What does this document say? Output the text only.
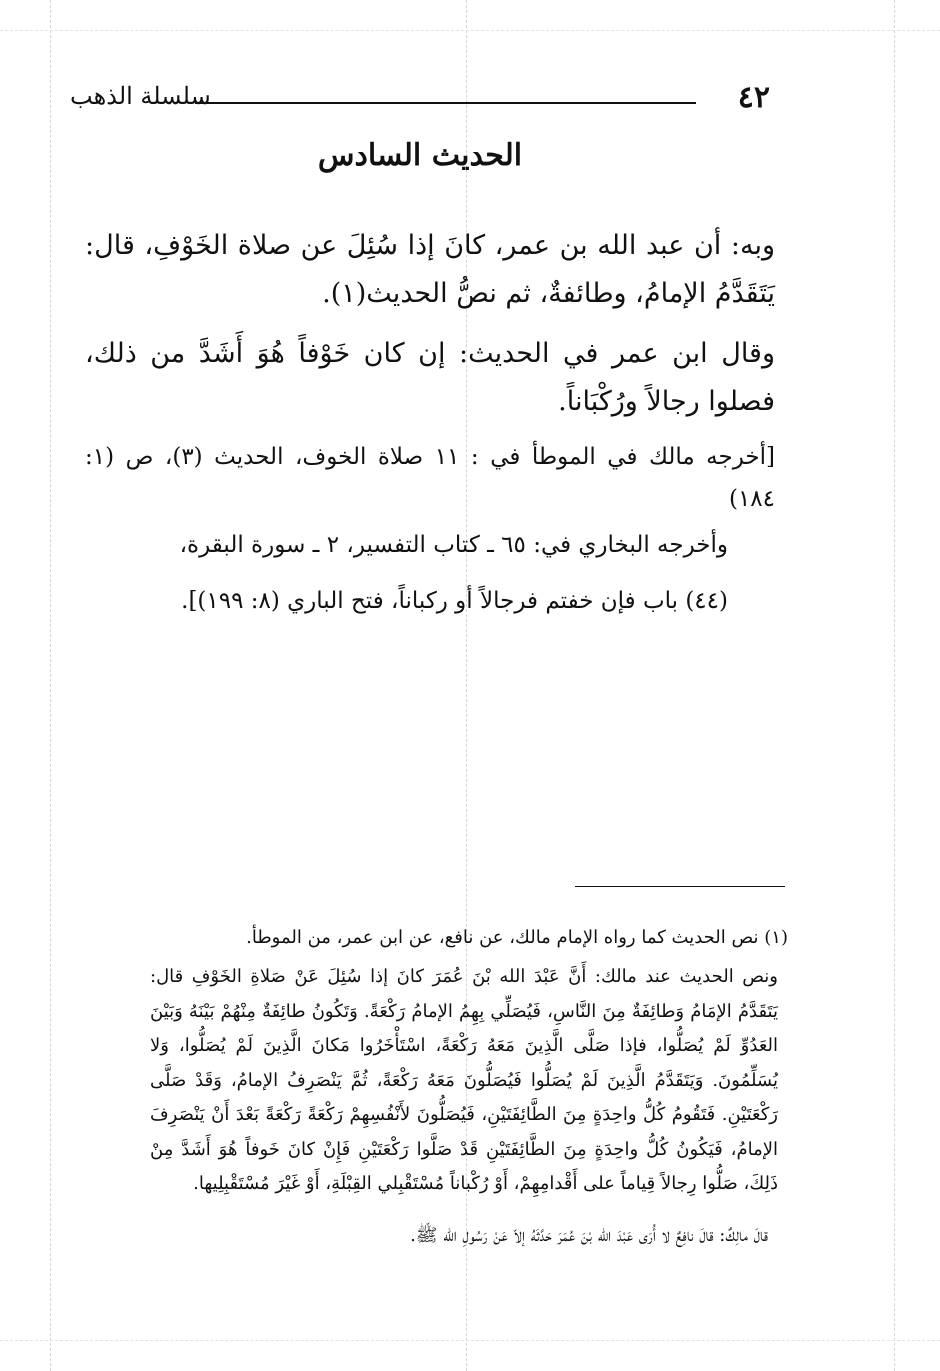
٤٢
سلسلة الذهب
الحديث السادس
وبه: أن عبد الله بن عمر، كانَ إذا سُئِلَ عن صلاة الخَوْفِ، قال: يَتَقَدَّمُ الإمامُ، وطائفةٌ، ثم نصُّ الحديث(١).
وقال ابن عمر في الحديث: إن كان خَوْفاً هُوَ أَشَدَّ من ذلك، فصلوا رجالاً ورُكْبَاناً.
[أخرجه مالك في الموطأ في : ١١ صلاة الخوف، الحديث (٣)، ص (١: ١٨٤)
وأخرجه البخاري في: ٦٥ ـ كتاب التفسير، ٢ ـ سورة البقرة،
(٤٤) باب فإن خفتم فرجالاً أو ركباناً، فتح الباري (٨: ١٩٩)].
(١) نص الحديث كما رواه الإمام مالك، عن نافع، عن ابن عمر، من الموطأ.
ونص الحديث عند مالك: أَنَّ عَبْدَ الله بْنَ عُمَرَ كانَ إذا سُئِلَ عَنْ صَلاةِ الخَوْفِ قال: يَتَقَدَّمُ الإمَامُ وَطائِفَةٌ مِنَ النَّاسِ، فَيُصَلِّي بِهِمُ الإمامُ رَكْعَةً. وَتَكُونُ طائِفَةٌ مِنْهُمْ بَيْنَهُ وَبَيْنَ العَدُوِّ لَمْ يُصَلُّوا، فإذا صَلَّى الَّذِينَ مَعَهُ رَكْعَةً، اسْتَأْخَرُوا مَكانَ الَّذِينَ لَمْ يُصَلُّوا، وَلا يُسَلِّمُونَ. وَيَتَقَدَّمُ الَّذِينَ لَمْ يُصَلُّوا فَيُصَلُّونَ مَعَهُ رَكْعَةً، ثُمَّ يَنْصَرِفُ الإمامُ، وَقَدْ صَلَّى رَكْعَتَيْنِ. فَتَقُومُ كُلُّ واحِدَةٍ مِنَ الطَّائِفَتَيْنِ، فَيُصَلُّونَ لأَنْفُسِهِمْ رَكْعَةً رَكْعَةً بَعْدَ أَنْ يَنْصَرِفَ الإمامُ، فَيَكُونُ كُلُّ واحِدَةٍ مِنَ الطَّائِفَتَيْنِ قَدْ صَلَّوا رَكْعَتَيْنِ فَإِنْ كانَ خَوفاً هُوَ أَشَدَّ مِنْ ذَلِكَ، صَلُّوا رِجالاً قِياماً على أَقْدامِهِمْ، أَوْ رُكْباناً مُسْتَقْبِلي القِبْلَةِ، أَوْ غَيْرَ مُسْتَقْبِلِيها.
قالَ مالِكٌ: قالَ نافِعٌ لا أُرَى عَبْدَ الله بْنَ عُمَرَ حَدَّثَهُ إلاّ عَنْ رَسُولِ الله ﷺ.
